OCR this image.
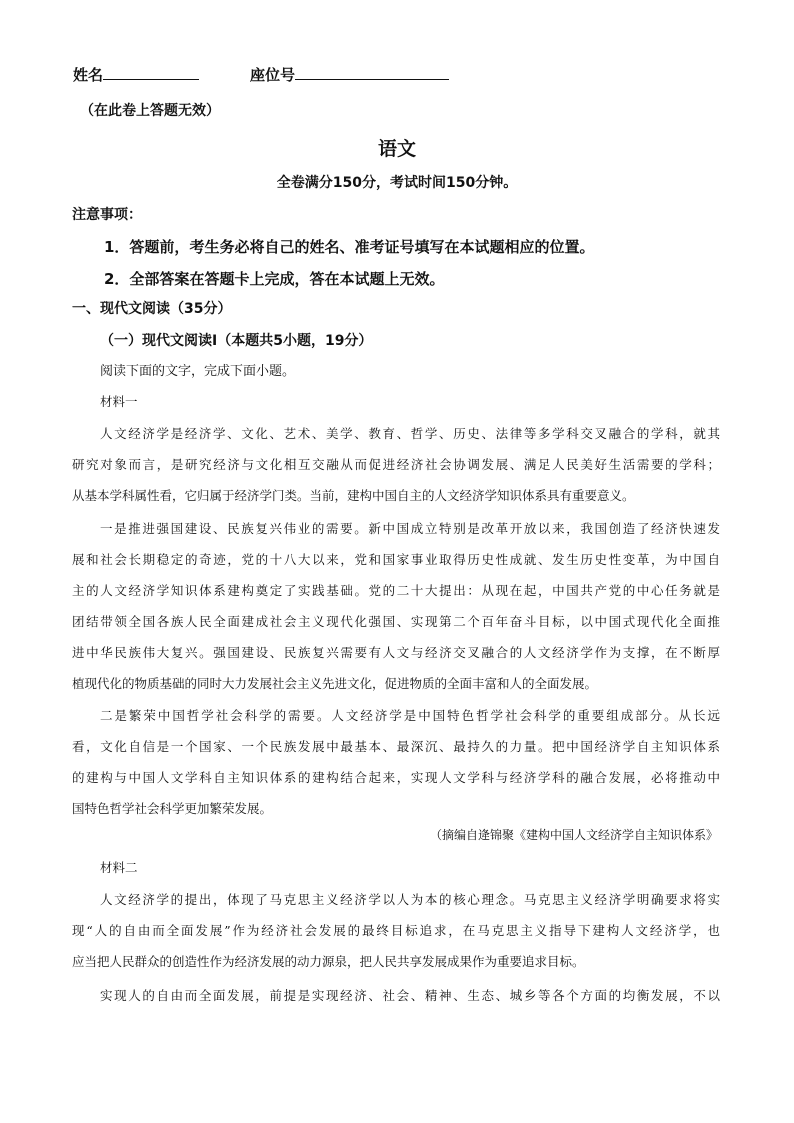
姓名	座位号
（在此卷上答题无效）
语文
全卷满分150分，考试时间150分钟。
注意事项：
1．答题前，考生务必将自己的姓名、准考证号填写在本试题相应的位置。
2．全部答案在答题卡上完成，答在本试题上无效。
一、现代文阅读（35分）
（一）现代文阅读Ⅰ（本题共5小题，19分）
阅读下面的文字，完成下面小题。
材料一
人文经济学是经济学、文化、艺术、美学、教育、哲学、历史、法律等多学科交叉融合的学科，就其
研究对象而言，是研究经济与文化相互交融从而促进经济社会协调发展、满足人民美好生活需要的学科；
从基本学科属性看，它归属于经济学门类。当前，建构中国自主的人文经济学知识体系具有重要意义。
一是推进强国建设、民族复兴伟业的需要。新中国成立特别是改革开放以来，我国创造了经济快速发
展和社会长期稳定的奇迹，党的十八大以来，党和国家事业取得历史性成就、发生历史性变革，为中国自
主的人文经济学知识体系建构奠定了实践基础。党的二十大提出：从现在起，中国共产党的中心任务就是
团结带领全国各族人民全面建成社会主义现代化强国、实现第二个百年奋斗目标，以中国式现代化全面推
进中华民族伟大复兴。强国建设、民族复兴需要有人文与经济交叉融合的人文经济学作为支撑，在不断厚
植现代化的物质基础的同时大力发展社会主义先进文化，促进物质的全面丰富和人的全面发展。
二是繁荣中国哲学社会科学的需要。人文经济学是中国特色哲学社会科学的重要组成部分。从长远
看，文化自信是一个国家、一个民族发展中最基本、最深沉、最持久的力量。把中国经济学自主知识体系
的建构与中国人文学科自主知识体系的建构结合起来，实现人文学科与经济学科的融合发展，必将推动中
国特色哲学社会科学更加繁荣发展。
（摘编自逄锦聚《建构中国人文经济学自主知识体系》
材料二
人文经济学的提出，体现了马克思主义经济学以人为本的核心理念。马克思主义经济学明确要求将实
现“人的自由而全面发展”作为经济社会发展的最终目标追求，在马克思主义指导下建构人文经济学，也
应当把人民群众的创造性作为经济发展的动力源泉，把人民共享发展成果作为重要追求目标。
实现人的自由而全面发展，前提是实现经济、社会、精神、生态、城乡等各个方面的均衡发展，不以
